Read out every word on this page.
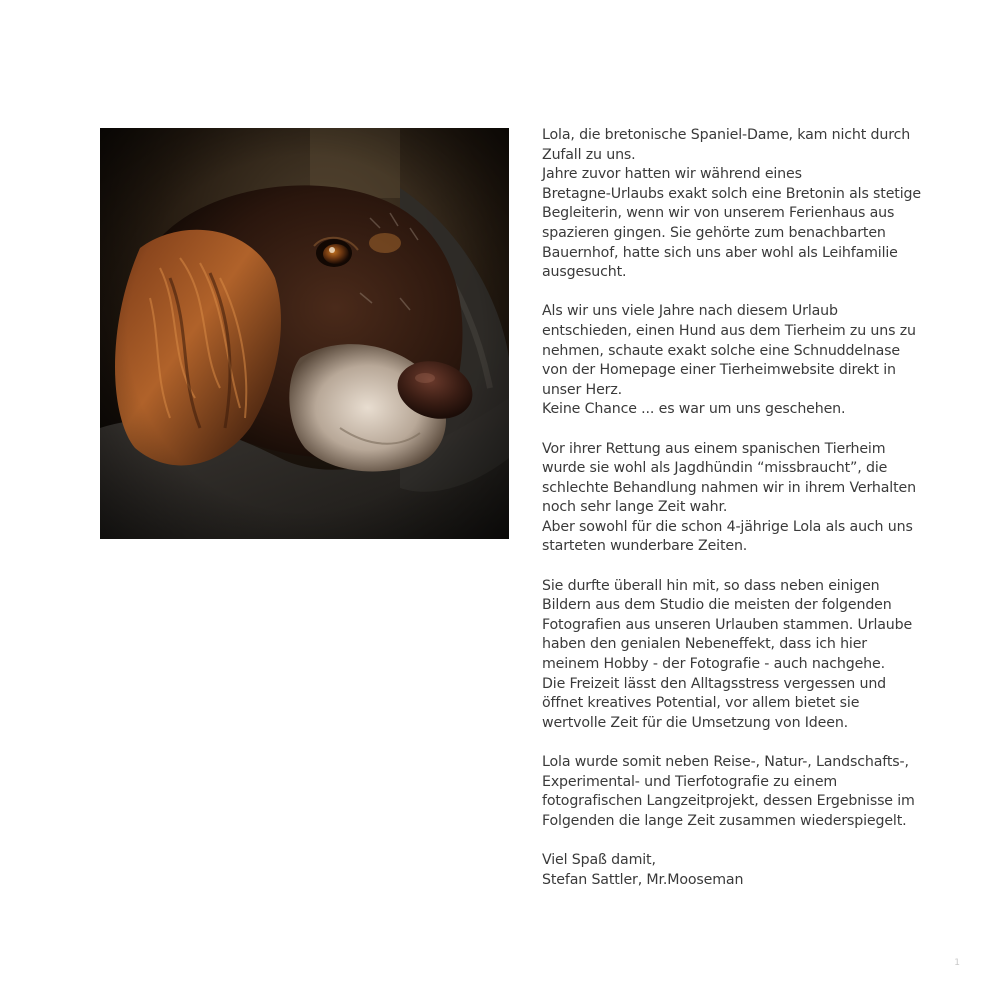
Lola, die bretonische Spaniel-Dame, kam nicht durch
Zufall zu uns.
Jahre zuvor hatten wir während eines
Bretagne-Urlaubs exakt solch eine Bretonin als stetige
Begleiterin, wenn wir von unserem Ferienhaus aus
spazieren gingen. Sie gehörte zum benachbarten
Bauernhof, hatte sich uns aber wohl als Leihfamilie
ausgesucht.

Als wir uns viele Jahre nach diesem Urlaub
entschieden, einen Hund aus dem Tierheim zu uns zu
nehmen, schaute exakt solche eine Schnuddelnase
von der Homepage einer Tierheimwebsite direkt in
unser Herz.
Keine Chance ... es war um uns geschehen.

Vor ihrer Rettung aus einem spanischen Tierheim
wurde sie wohl als Jagdhündin “missbraucht”, die
schlechte Behandlung nahmen wir in ihrem Verhalten
noch sehr lange Zeit wahr.
Aber sowohl für die schon 4-jährige Lola als auch uns
starteten wunderbare Zeiten.

Sie durfte überall hin mit, so dass neben einigen
Bildern aus dem Studio die meisten der folgenden
Fotografien aus unseren Urlauben stammen. Urlaube
haben den genialen Nebeneffekt, dass ich hier
meinem Hobby - der Fotografie - auch nachgehe.
Die Freizeit lässt den Alltagsstress vergessen und
öffnet kreatives Potential, vor allem bietet sie
wertvolle Zeit für die Umsetzung von Ideen.

Lola wurde somit neben Reise-, Natur-, Landschafts-,
Experimental- und Tierfotografie zu einem
fotografischen Langzeitprojekt, dessen Ergebnisse im
Folgenden die lange Zeit zusammen wiederspiegelt.

Viel Spaß damit,
Stefan Sattler, Mr.Mooseman

1
